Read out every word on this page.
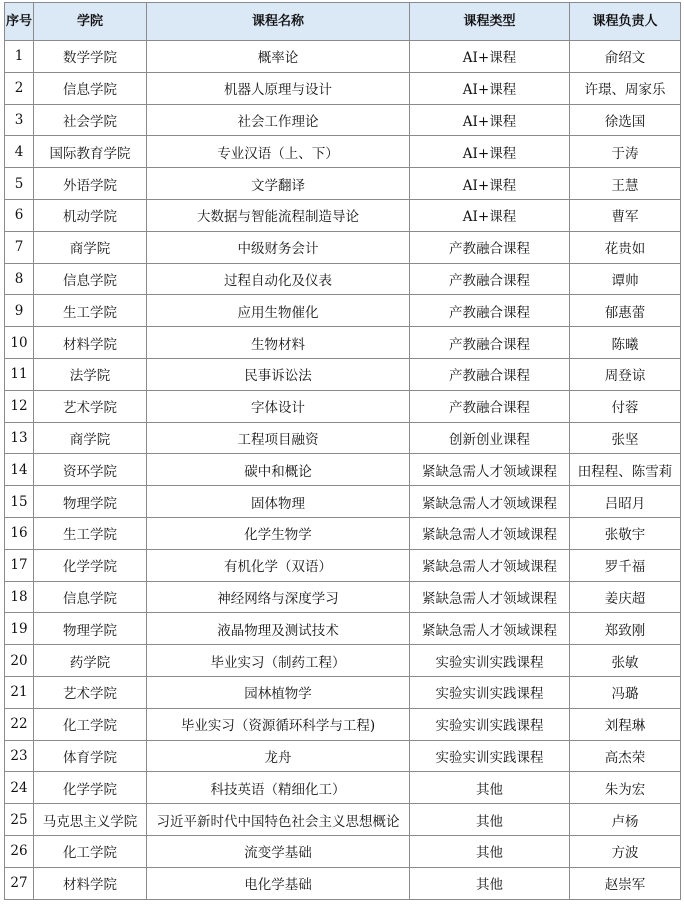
序号	学院	课程名称	课程类型	课程负责人
1	数学学院	概率论	AI+课程	俞绍文
2	信息学院	机器人原理与设计	AI+课程	许璟、周家乐
3	社会学院	社会工作理论	AI+课程	徐选国
4	国际教育学院	专业汉语（上、下）	AI+课程	于涛
5	外语学院	文学翻译	AI+课程	王慧
6	机动学院	大数据与智能流程制造导论	AI+课程	曹军
7	商学院	中级财务会计	产教融合课程	花贵如
8	信息学院	过程自动化及仪表	产教融合课程	谭帅
9	生工学院	应用生物催化	产教融合课程	郁惠蕾
10	材料学院	生物材料	产教融合课程	陈曦
11	法学院	民事诉讼法	产教融合课程	周登谅
12	艺术学院	字体设计	产教融合课程	付蓉
13	商学院	工程项目融资	创新创业课程	张坚
14	资环学院	碳中和概论	紧缺急需人才领域课程	田程程、陈雪莉
15	物理学院	固体物理	紧缺急需人才领域课程	吕昭月
16	生工学院	化学生物学	紧缺急需人才领域课程	张敬宇
17	化学学院	有机化学（双语）	紧缺急需人才领域课程	罗千福
18	信息学院	神经网络与深度学习	紧缺急需人才领域课程	姜庆超
19	物理学院	液晶物理及测试技术	紧缺急需人才领域课程	郑致刚
20	药学院	毕业实习（制药工程）	实验实训实践课程	张敏
21	艺术学院	园林植物学	实验实训实践课程	冯璐
22	化工学院	毕业实习（资源循环科学与工程)	实验实训实践课程	刘程琳
23	体育学院	龙舟	实验实训实践课程	高杰荣
24	化学学院	科技英语（精细化工）	其他	朱为宏
25	马克思主义学院	习近平新时代中国特色社会主义思想概论	其他	卢杨
26	化工学院	流变学基础	其他	方波
27	材料学院	电化学基础	其他	赵崇军
